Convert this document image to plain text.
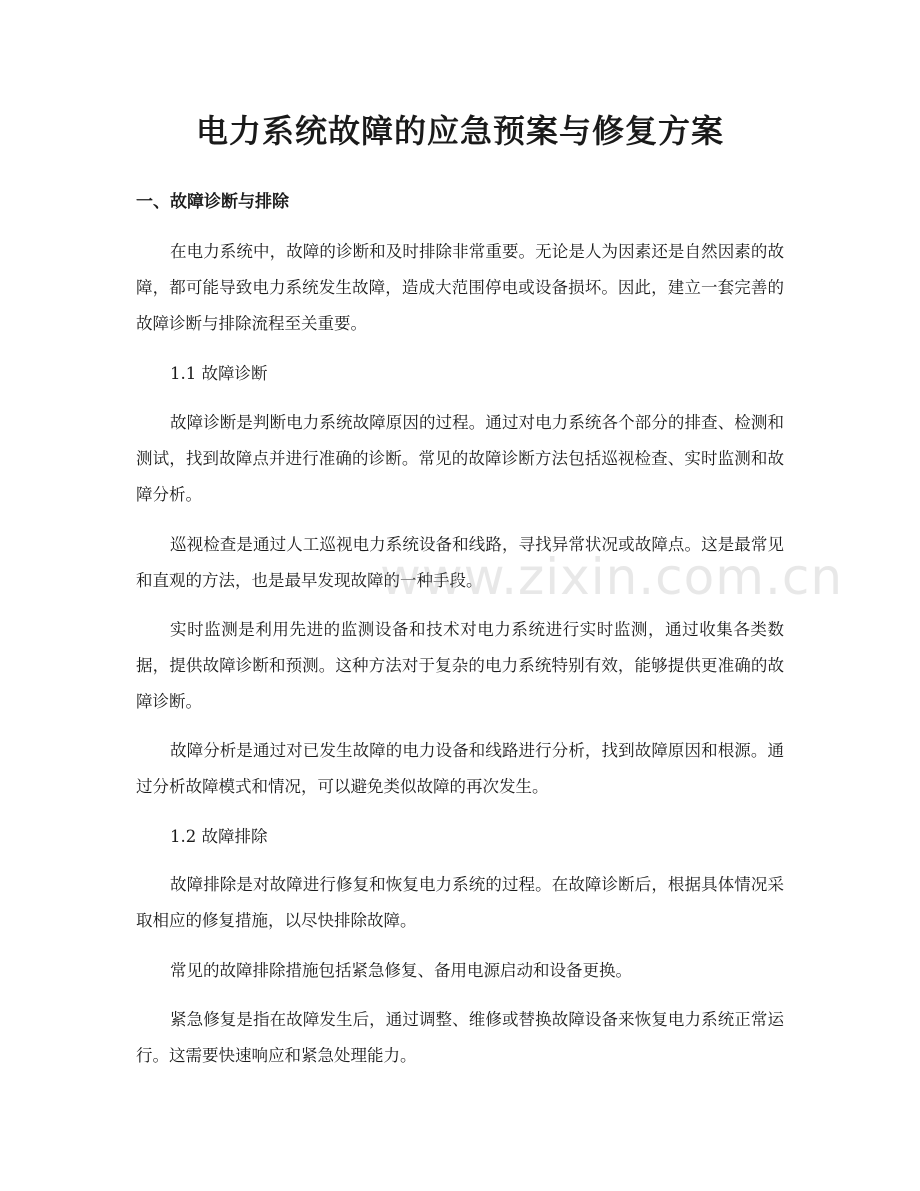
电力系统故障的应急预案与修复方案
一、故障诊断与排除

在电力系统中，故障的诊断和及时排除非常重要。无论是人为因素还是自然因素的故障，都可能导致电力系统发生故障，造成大范围停电或设备损坏。因此，建立一套完善的故障诊断与排除流程至关重要。

1.1 故障诊断

故障诊断是判断电力系统故障原因的过程。通过对电力系统各个部分的排查、检测和测试，找到故障点并进行准确的诊断。常见的故障诊断方法包括巡视检查、实时监测和故障分析。

巡视检查是通过人工巡视电力系统设备和线路，寻找异常状况或故障点。这是最常见和直观的方法，也是最早发现故障的一种手段。

实时监测是利用先进的监测设备和技术对电力系统进行实时监测，通过收集各类数据，提供故障诊断和预测。这种方法对于复杂的电力系统特别有效，能够提供更准确的故障诊断。

故障分析是通过对已发生故障的电力设备和线路进行分析，找到故障原因和根源。通过分析故障模式和情况，可以避免类似故障的再次发生。

1.2 故障排除

故障排除是对故障进行修复和恢复电力系统的过程。在故障诊断后，根据具体情况采取相应的修复措施，以尽快排除故障。

常见的故障排除措施包括紧急修复、备用电源启动和设备更换。

紧急修复是指在故障发生后，通过调整、维修或替换故障设备来恢复电力系统正常运行。这需要快速响应和紧急处理能力。

www.zixin.com.cn
